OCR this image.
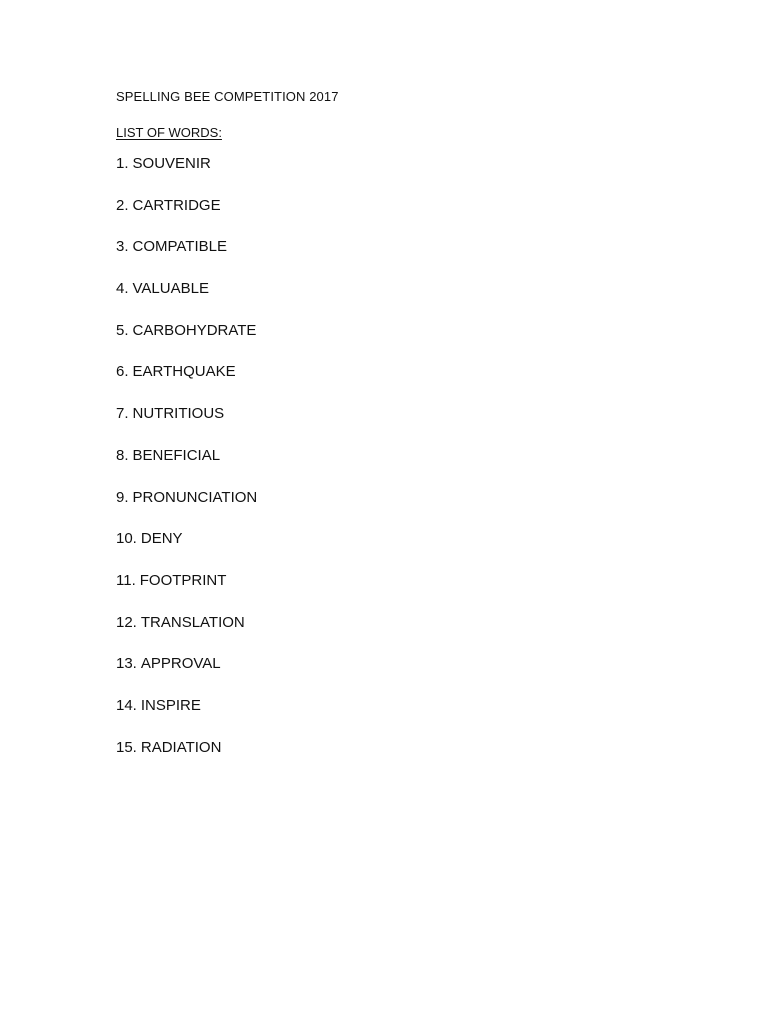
SPELLING BEE COMPETITION 2017
LIST OF WORDS:
1. SOUVENIR
2. CARTRIDGE
3. COMPATIBLE
4. VALUABLE
5. CARBOHYDRATE
6. EARTHQUAKE
7. NUTRITIOUS
8. BENEFICIAL
9. PRONUNCIATION
10. DENY
11. FOOTPRINT
12. TRANSLATION
13. APPROVAL
14. INSPIRE
15. RADIATION
